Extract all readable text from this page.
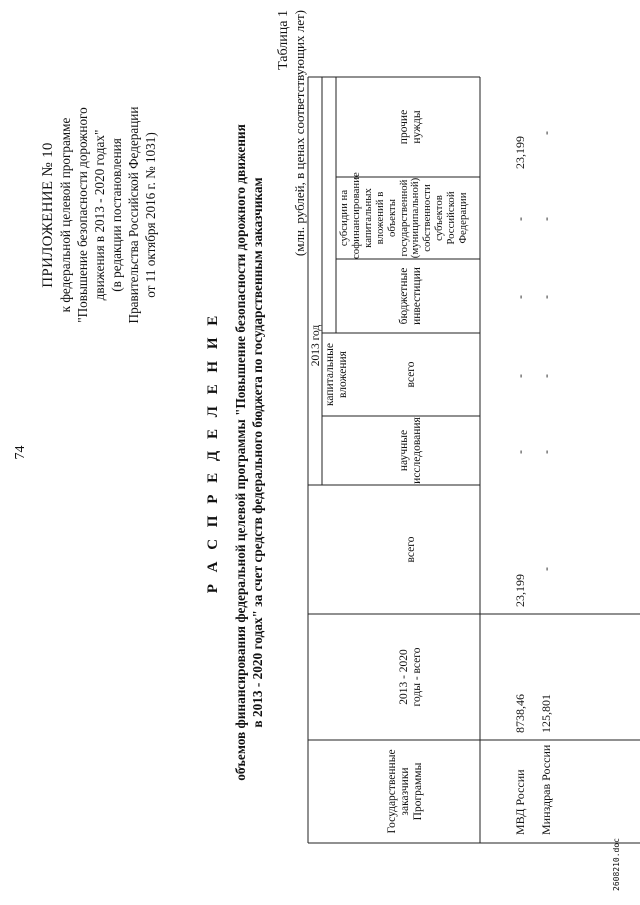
74
ПРИЛОЖЕНИЕ № 10 к федеральной целевой программе "Повышение безопасности дорожного движения в 2013 - 2020 годах" (в редакции постановления Правительства Российской Федерации от 11 октября 2016 г. № 1031)
Р А С П Р Е Д Е Л Е Н И Е объемов финансирования федеральной целевой программы "Повышение безопасности дорожного движения в 2013 - 2020 годах" за счет средств федерального бюджета по государственным заказчикам
Таблица 1 (млн. рублей, в ценах соответствующих лет)
Государственные заказчики Программы
2013 - 2020 годы - всего
2013 год
всего
научные исследования
капитальные вложения	всего
бюджетные инвестиции
субсидии на софинансирование капитальных вложений в объекты государственной (муниципальной) собственности субъектов Российской Федерации
прочие нужды
МВД России
8738,46
23,199
-
-
-
-
23,199
Минздрав России
125,801
-
-
-
-
-
-
2608210.doc
